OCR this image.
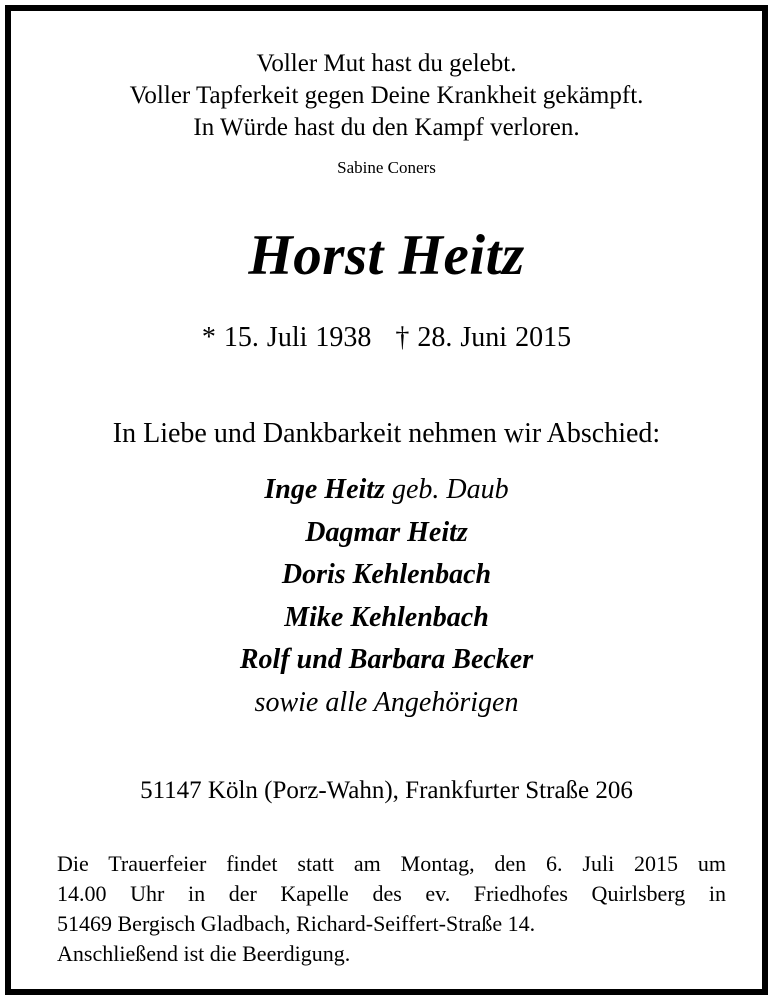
Voller Mut hast du gelebt.
Voller Tapferkeit gegen Deine Krankheit gekämpft.
In Würde hast du den Kampf verloren.
Sabine Coners
Horst Heitz
* 15. Juli 1938 † 28. Juni 2015
In Liebe und Dankbarkeit nehmen wir Abschied:
Inge Heitz geb. Daub
Dagmar Heitz
Doris Kehlenbach
Mike Kehlenbach
Rolf und Barbara Becker
sowie alle Angehörigen
51147 Köln (Porz-Wahn), Frankfurter Straße 206
Die Trauerfeier findet statt am Montag, den 6. Juli 2015 um
14.00 Uhr in der Kapelle des ev. Friedhofes Quirlsberg in
51469 Bergisch Gladbach, Richard-Seiffert-Straße 14.
Anschließend ist die Beerdigung.
